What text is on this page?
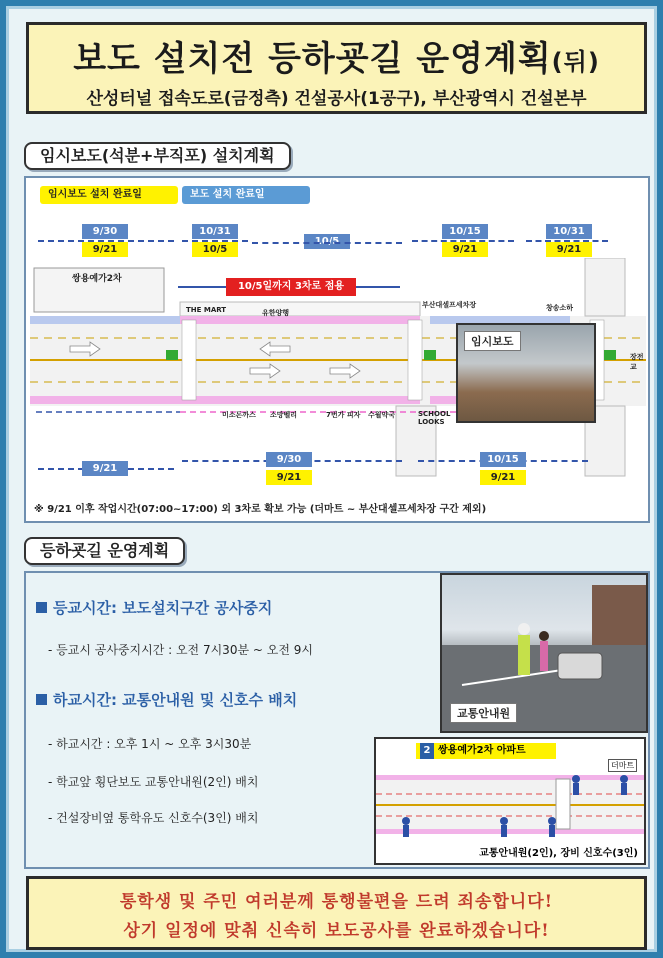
보도 설치전 등하굣길 운영계획(뒤)
산성터널 접속도로(금정측) 건설공사(1공구), 부산광역시 건설본부
임시보도(석분+부직포) 설치계획
임시보도 설치 완료일	보도 설치 완료일
9/30
9/21
10/31
10/5
10/5
10/15
9/21
10/31
9/21
쌍용예가2차
THE MART	유한양행
부산대셀프세차장	창송소하
장전교
미소돈까스 소망벨리	7번가 피자 수월약국	SCHOOL LOOKS
10/5일까지 3차로 점용
임시보도
9/21
9/30
9/21
10/15
9/21
※ 9/21 이후 작업시간(07:00~17:00) 외 3차로 확보 가능 (더마트 ~ 부산대셀프세차장 구간 제외)
등하굣길 운영계획
등교시간: 보도설치구간 공사중지
- 등교시 공사중지시간 : 오전 7시30분 ~ 오전 9시
하교시간: 교통안내원 및 신호수 배치
- 하교시간 : 오후 1시 ~ 오후 3시30분
- 학교앞 횡단보도 교통안내원(2인) 배치
- 건설장비옆 통학유도 신호수(3인) 배치
교통안내원
2 쌍용예가2차 아파트
더마트
교통안내원(2인), 장비 신호수(3인)
통학생 및 주민 여러분께 통행불편을 드려 죄송합니다!
상기 일정에 맞춰 신속히 보도공사를 완료하겠습니다!
